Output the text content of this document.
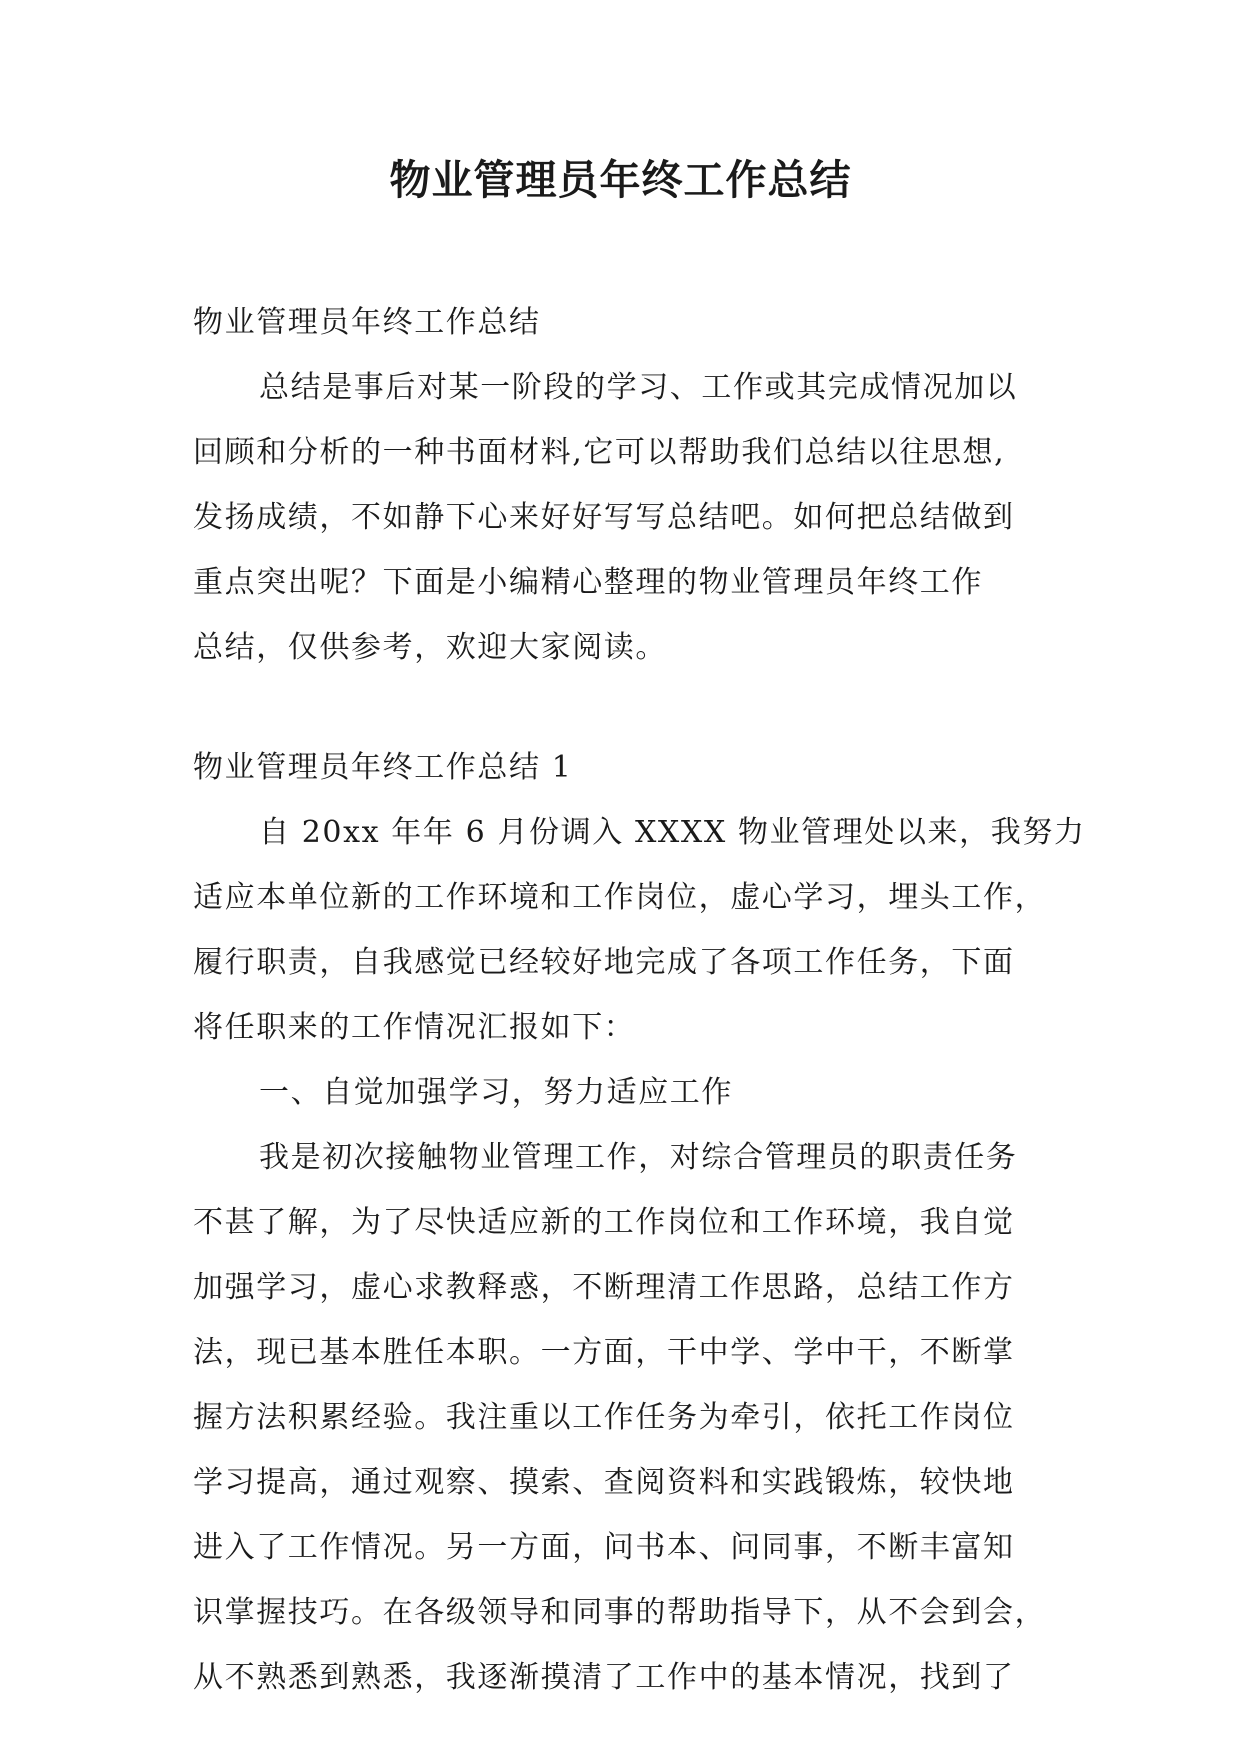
物业管理员年终工作总结
物业管理员年终工作总结
总结是事后对某一阶段的学习、工作或其完成情况加以
回顾和分析的一种书面材料,它可以帮助我们总结以往思想,
发扬成绩，不如静下心来好好写写总结吧。如何把总结做到
重点突出呢？下面是小编精心整理的物业管理员年终工作
总结，仅供参考，欢迎大家阅读。
物业管理员年终工作总结 1
自 20xx 年年 6 月份调入 XXXX 物业管理处以来，我努力
适应本单位新的工作环境和工作岗位，虚心学习，埋头工作，
履行职责，自我感觉已经较好地完成了各项工作任务，下面
将任职来的工作情况汇报如下：
一、自觉加强学习，努力适应工作
我是初次接触物业管理工作，对综合管理员的职责任务
不甚了解，为了尽快适应新的工作岗位和工作环境，我自觉
加强学习，虚心求教释惑，不断理清工作思路，总结工作方
法，现已基本胜任本职。一方面，干中学、学中干，不断掌
握方法积累经验。我注重以工作任务为牵引，依托工作岗位
学习提高，通过观察、摸索、查阅资料和实践锻炼，较快地
进入了工作情况。另一方面，问书本、问同事，不断丰富知
识掌握技巧。在各级领导和同事的帮助指导下，从不会到会，
从不熟悉到熟悉，我逐渐摸清了工作中的基本情况，找到了
